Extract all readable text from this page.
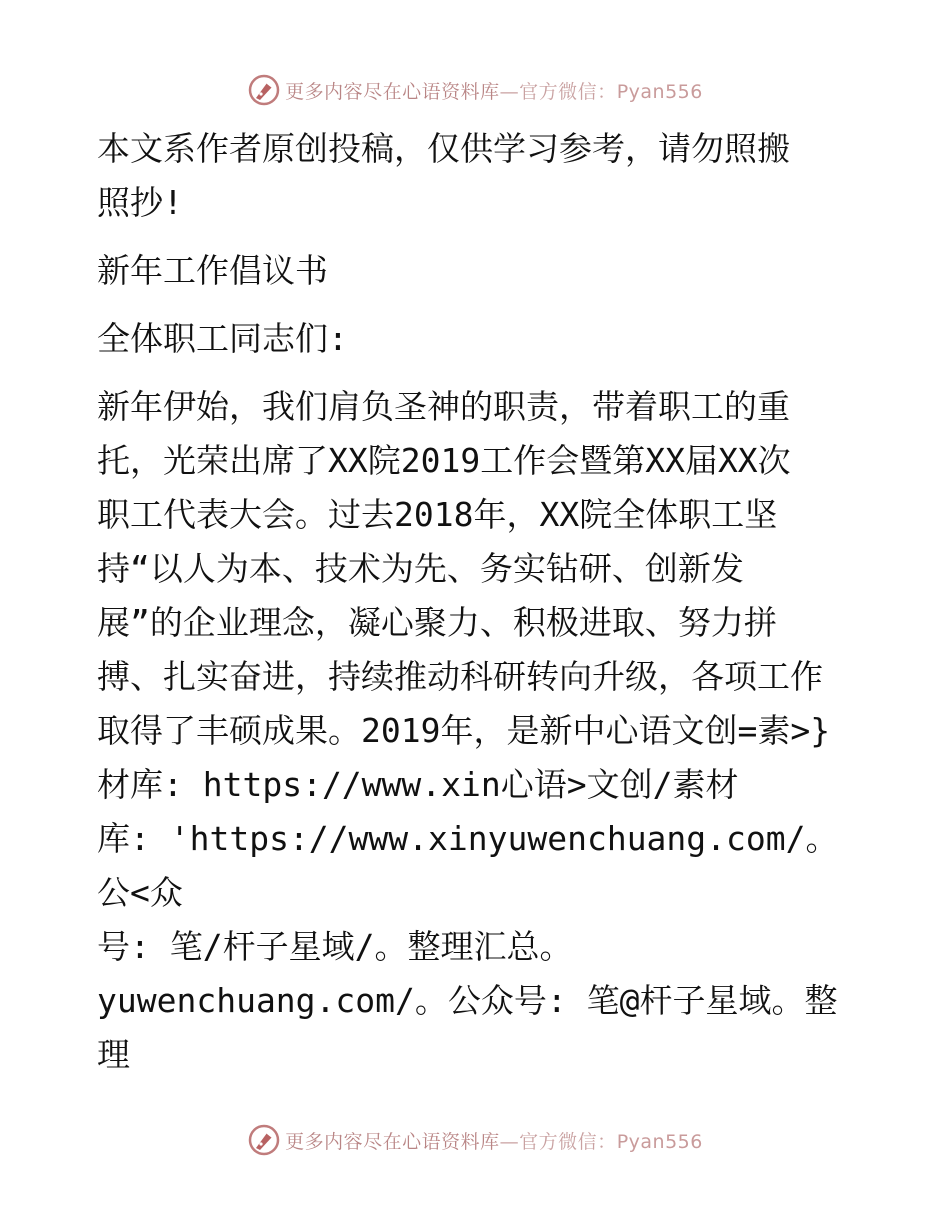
更多内容尽在心语资料库—官方微信：Pyan556

本文系作者原创投稿，仅供学习参考，请勿照搬

照抄!

新年工作倡议书

全体职工同志们:

新年伊始，我们肩负圣神的职责，带着职工的重

托，光荣出席了XX院2019工作会暨第XX届XX次

职工代表大会。过去2018年，XX院全体职工坚

持“以人为本、技术为先、务实钻研、创新发

展”的企业理念，凝心聚力、积极进取、努力拼

搏、扎实奋进，持续推动科研转向升级，各项工作

取得了丰硕成果。2019年，是新中心语文创=素>}

材库: https://www.xin心语>文创/素材

库: 'https://www.xinyuwenchuang.com/。公<众

号: 笔/杆子星域/。整理汇总。

yuwenchuang.com/。公众号: 笔@杆子星域。整理

更多内容尽在心语资料库—官方微信：Pyan556
